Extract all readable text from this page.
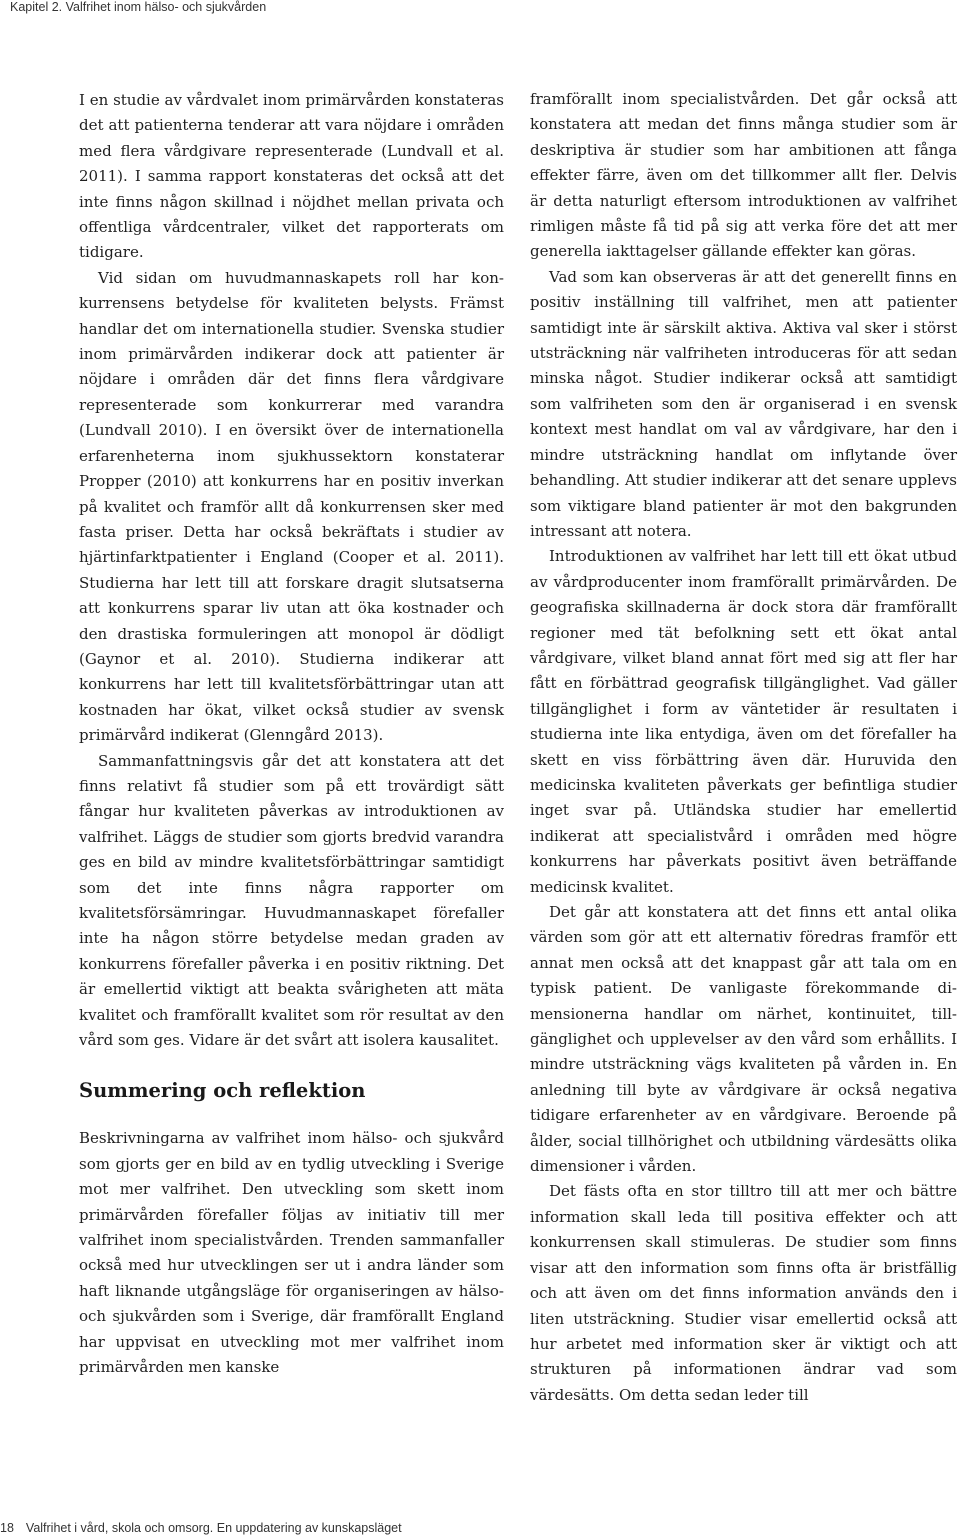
Kapitel 2. Valfrihet inom hälso- och sjukvården

I en studie av vårdvalet inom primärvården konstateras det att patienterna tenderar att vara nöjdare i områden med flera vårdgivare representerade (Lundvall et al. 2011). I samma rapport konstateras det också att det inte finns någon skillnad i nöjdhet mellan privata och offentliga vårdcentraler, vilket det rapporterats om tidigare.

Vid sidan om huvudmannaskapets roll har konkurrensens betydelse för kvaliteten belysts. Främst handlar det om internationella studier. Svenska studier inom primärvården indikerar dock att patienter är nöjdare i områden där det finns flera vårdgivare representerade som konkurrerar med varandra (Lundvall 2010). I en översikt över de internationella erfarenheterna inom sjukhussektorn konstaterar Propper (2010) att konkurrens har en positiv inverkan på kvalitet och framför allt då konkurrensen sker med fasta priser. Detta har också bekräftats i studier av hjärtinfarktpatienter i England (Cooper et al. 2011). Studierna har lett till att forskare dragit slutsatserna att konkurrens sparar liv utan att öka kostnader och den drastiska formuleringen att monopol är dödligt (Gaynor et al. 2010). Studierna indikerar att konkurrens har lett till kvalitetsförbättringar utan att kostnaden har ökat, vilket också studier av svensk primärvård indikerat (Glenngård 2013).

Sammanfattningsvis går det att konstatera att det finns relativt få studier som på ett trovärdigt sätt fångar hur kvaliteten påverkas av introduktionen av valfrihet. Läggs de studier som gjorts bredvid varandra ges en bild av mindre kvalitetsförbättringar samtidigt som det inte finns några rapporter om kvalitetsförsämringar. Huvudmannaskapet förefaller inte ha någon större betydelse medan graden av konkurrens förefaller påverka i en positiv riktning. Det är emellertid viktigt att beakta svårigheten att mäta kvalitet och framförallt kvalitet som rör resultat av den vård som ges. Vidare är det svårt att isolera kausalitet.

Summering och reflektion

Beskrivningarna av valfrihet inom hälso- och sjukvård som gjorts ger en bild av en tydlig utveckling i Sverige mot mer valfrihet. Den utveckling som skett inom primärvården förefaller följas av initiativ till mer valfrihet inom specialistvården. Trenden sammanfaller också med hur utvecklingen ser ut i andra länder som haft liknande utgångsläge för organiseringen av hälso- och sjukvården som i Sverige, där framförallt England har uppvisat en utveckling mot mer valfrihet inom primärvården men kanske

framförallt inom specialistvården. Det går också att konstatera att medan det finns många studier som är deskriptiva är studier som har ambitionen att fånga effekter färre, även om det tillkommer allt fler. Delvis är detta naturligt eftersom introduktionen av valfrihet rimligen måste få tid på sig att verka före det att mer generella iakttagelser gällande effekter kan göras.

Vad som kan observeras är att det generellt finns en positiv inställning till valfrihet, men att patienter samtidigt inte är särskilt aktiva. Aktiva val sker i störst utsträckning när valfriheten introduceras för att sedan minska något. Studier indikerar också att samtidigt som valfriheten som den är organiserad i en svensk kontext mest handlat om val av vårdgivare, har den i mindre utsträckning handlat om inflytande över behandling. Att studier indikerar att det senare upplevs som viktigare bland patienter är mot den bakgrunden intressant att notera.

Introduktionen av valfrihet har lett till ett ökat utbud av vårdproducenter inom framförallt primärvården. De geografiska skillnaderna är dock stora där framförallt regioner med tät befolkning sett ett ökat antal vårdgivare, vilket bland annat fört med sig att fler har fått en förbättrad geografisk tillgänglighet. Vad gäller tillgänglighet i form av väntetider är resultaten i studierna inte lika entydiga, även om det förefaller ha skett en viss förbättring även där. Huruvida den medicinska kvaliteten påverkats ger befintliga studier inget svar på. Utländska studier har emellertid indikerat att specialistvård i områden med högre konkurrens har påverkats positivt även beträffande medicinsk kvalitet.

Det går att konstatera att det finns ett antal olika värden som gör att ett alternativ föredras framför ett annat men också att det knappast går att tala om en typisk patient. De vanligaste förekommande dimensionerna handlar om närhet, kontinuitet, tillgänglighet och upplevelser av den vård som erhållits. I mindre utsträckning vägs kvaliteten på vården in. En anledning till byte av vårdgivare är också negativa tidigare erfarenheter av en vårdgivare. Beroende på ålder, social tillhörighet och utbildning värdesätts olika dimensioner i vården.

Det fästs ofta en stor tilltro till att mer och bättre information skall leda till positiva effekter och att konkurrensen skall stimuleras. De studier som finns visar att den information som finns ofta är bristfällig och att även om det finns information används den i liten utsträckning. Studier visar emellertid också att hur arbetet med information sker är viktigt och att strukturen på informationen ändrar vad som värdesätts. Om detta sedan leder till

18 Valfrihet i vård, skola och omsorg. En uppdatering av kunskapsläget
